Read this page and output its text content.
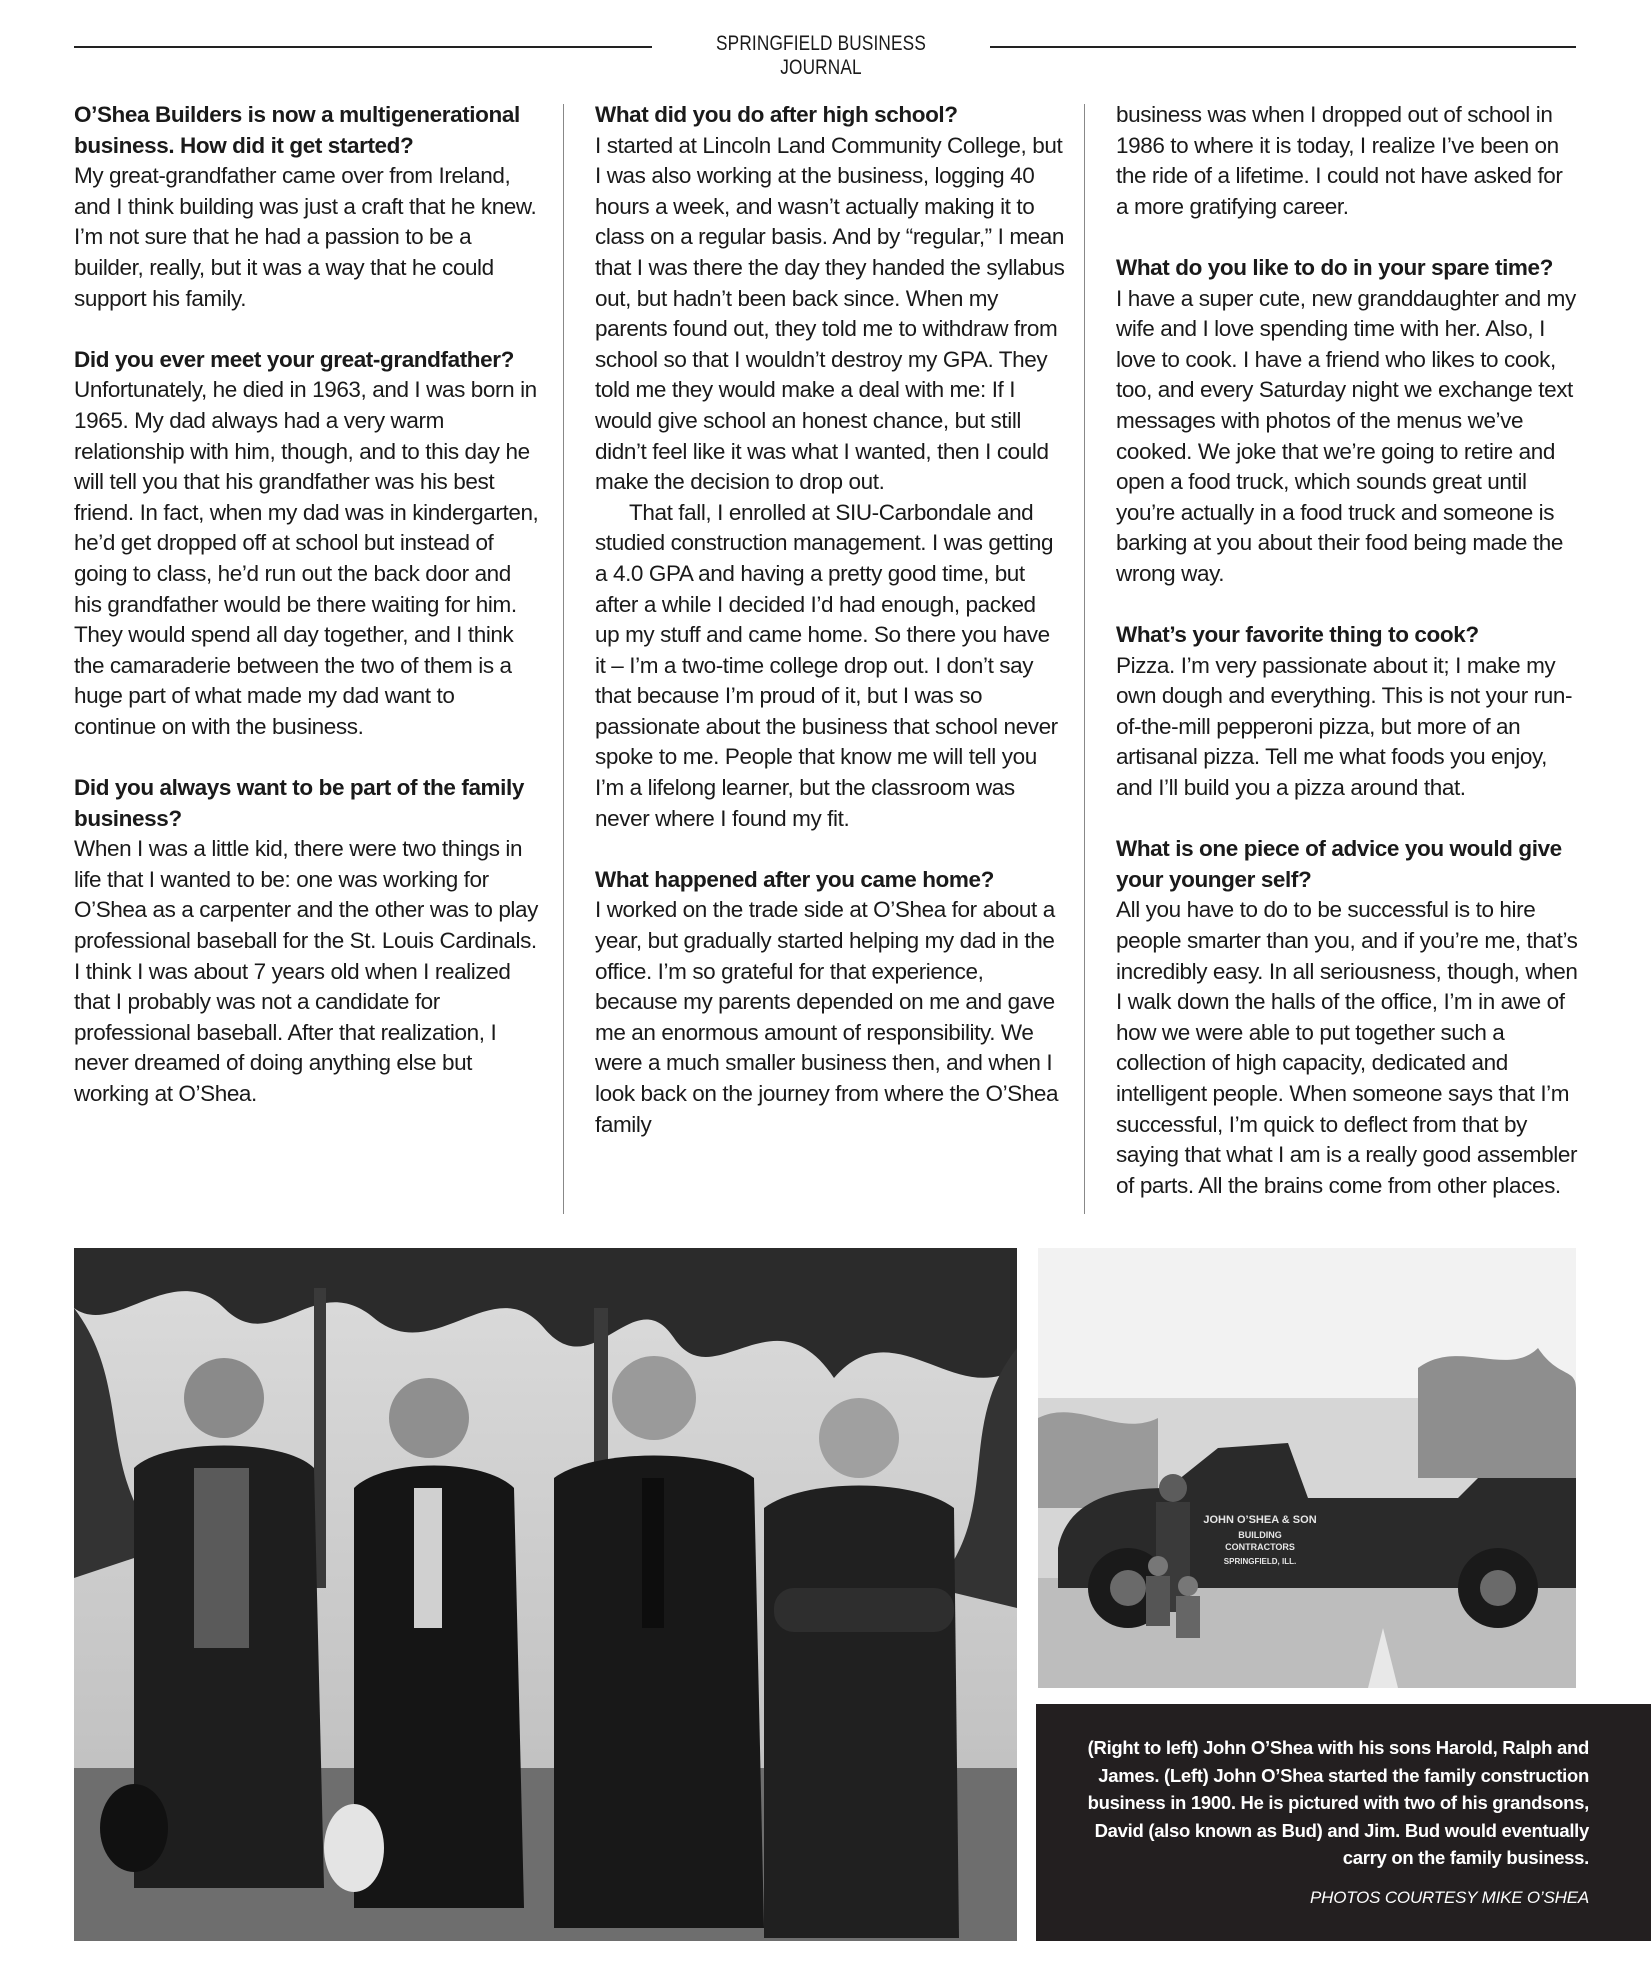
SPRINGFIELD BUSINESS JOURNAL

O’Shea Builders is now a multigenerational business. How did it get started?

My great-grandfather came over from Ireland, and I think building was just a craft that he knew. I’m not sure that he had a passion to be a builder, really, but it was a way that he could support his family.

Did you ever meet your great-grandfather?

Unfortunately, he died in 1963, and I was born in 1965. My dad always had a very warm relationship with him, though, and to this day he will tell you that his grandfather was his best friend. In fact, when my dad was in kindergarten, he’d get dropped off at school but instead of going to class, he’d run out the back door and his grandfather would be there waiting for him. They would spend all day together, and I think the camaraderie between the two of them is a huge part of what made my dad want to continue on with the business.

Did you always want to be part of the family business?

When I was a little kid, there were two things in life that I wanted to be: one was working for O’Shea as a carpenter and the other was to play professional baseball for the St. Louis Cardinals. I think I was about 7 years old when I realized that I probably was not a candidate for professional baseball. After that realization, I never dreamed of doing anything else but working at O’Shea.

What did you do after high school?

I started at Lincoln Land Community College, but I was also working at the business, logging 40 hours a week, and wasn’t actually making it to class on a regular basis. And by “regular,” I mean that I was there the day they handed the syllabus out, but hadn’t been back since. When my parents found out, they told me to withdraw from school so that I wouldn’t destroy my GPA. They told me they would make a deal with me: If I would give school an honest chance, but still didn’t feel like it was what I wanted, then I could make the decision to drop out.

That fall, I enrolled at SIU-Carbondale and studied construction management. I was getting a 4.0 GPA and having a pretty good time, but after a while I decided I’d had enough, packed up my stuff and came home. So there you have it – I’m a two-time college drop out. I don’t say that because I’m proud of it, but I was so passionate about the business that school never spoke to me. People that know me will tell you I’m a lifelong learner, but the classroom was never where I found my fit.

What happened after you came home?

I worked on the trade side at O’Shea for about a year, but gradually started helping my dad in the office. I’m so grateful for that experience, because my parents depended on me and gave me an enormous amount of responsibility. We were a much smaller business then, and when I look back on the journey from where the O’Shea family

business was when I dropped out of school in 1986 to where it is today, I realize I’ve been on the ride of a lifetime. I could not have asked for a more gratifying career.

What do you like to do in your spare time?

I have a super cute, new granddaughter and my wife and I love spending time with her. Also, I love to cook. I have a friend who likes to cook, too, and every Saturday night we exchange text messages with photos of the menus we’ve cooked. We joke that we’re going to retire and open a food truck, which sounds great until you’re actually in a food truck and someone is barking at you about their food being made the wrong way.

What’s your favorite thing to cook?

Pizza. I’m very passionate about it; I make my own dough and everything. This is not your run-of-the-mill pepperoni pizza, but more of an artisanal pizza. Tell me what foods you enjoy, and I’ll build you a pizza around that.

What is one piece of advice you would give your younger self?

All you have to do to be successful is to hire people smarter than you, and if you’re me, that’s incredibly easy. In all seriousness, though, when I walk down the halls of the office, I’m in awe of how we were able to put together such a collection of high capacity, dedicated and intelligent people. When someone says that I’m successful, I’m quick to deflect from that by saying that what I am is a really good assembler of parts. All the brains come from other places.

JOHN O’SHEA & SON
BUILDING
CONTRACTORS
SPRINGFIELD, ILL.
(Right to left) John O’Shea with his sons Harold, Ralph and James. (Left) John O’Shea started the family construction business in 1900. He is pictured with two of his grandsons, David (also known as Bud) and Jim. Bud would eventually carry on the family business.
PHOTOS COURTESY MIKE O’SHEA
